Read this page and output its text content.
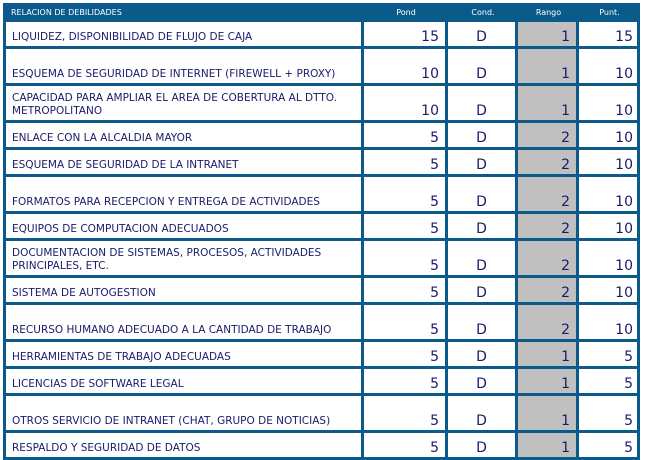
RELACION DE DEBILIDADES	Pond	Cond.	Rango	Punt.
LIQUIDEZ, DISPONIBILIDAD DE FLUJO DE CAJA	15	D	1	15
ESQUEMA DE SEGURIDAD DE INTERNET (FIREWELL + PROXY)	10	D	1	10
CAPACIDAD PARA AMPLIAR EL AREA DE COBERTURA AL DTTO. METROPOLITANO	10	D	1	10
ENLACE CON LA ALCALDIA MAYOR	5	D	2	10
ESQUEMA DE SEGURIDAD DE LA INTRANET	5	D	2	10
FORMATOS PARA RECEPCION Y ENTREGA DE ACTIVIDADES	5	D	2	10
EQUIPOS DE COMPUTACION ADECUADOS	5	D	2	10
DOCUMENTACION DE SISTEMAS, PROCESOS, ACTIVIDADES PRINCIPALES, ETC.	5	D	2	10
SISTEMA DE AUTOGESTION	5	D	2	10
RECURSO HUMANO ADECUADO A LA CANTIDAD DE TRABAJO	5	D	2	10
HERRAMIENTAS DE TRABAJO ADECUADAS	5	D	1	5
LICENCIAS DE SOFTWARE LEGAL	5	D	1	5
OTROS SERVICIO DE INTRANET (CHAT, GRUPO DE NOTICIAS)	5	D	1	5
RESPALDO Y SEGURIDAD DE DATOS	5	D	1	5
